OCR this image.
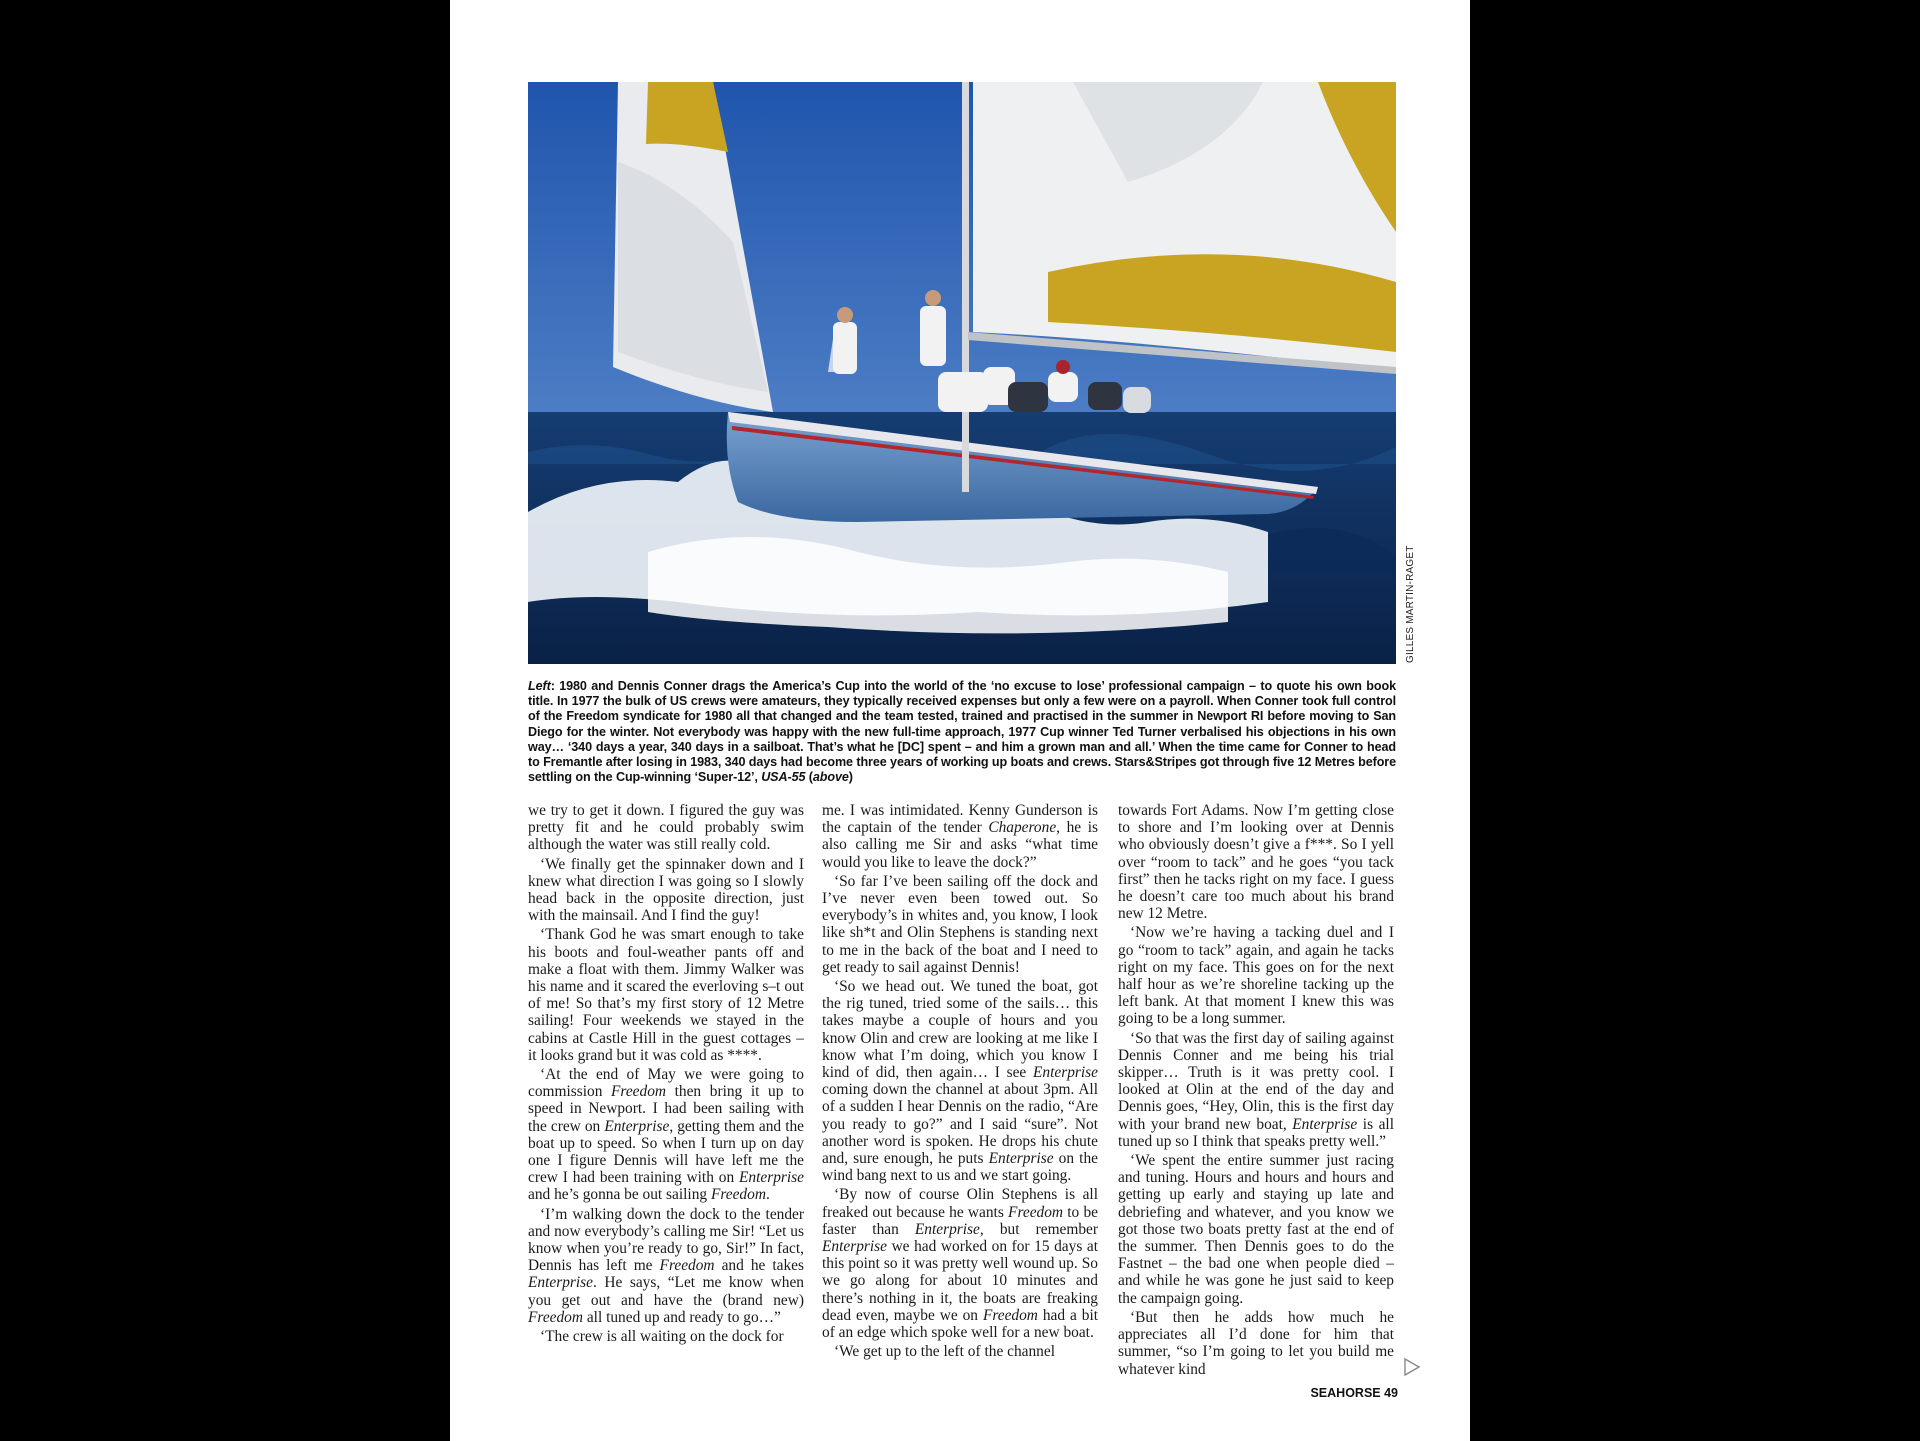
GILLES MARTIN-RAGET
Left: 1980 and Dennis Conner drags the America’s Cup into the world of the ‘no excuse to lose’ professional campaign – to quote his own book title. In 1977 the bulk of US crews were amateurs, they typically received expenses but only a few were on a payroll. When Conner took full control of the Freedom syndicate for 1980 all that changed and the team tested, trained and practised in the summer in Newport RI before moving to San Diego for the winter. Not everybody was happy with the new full-time approach, 1977 Cup winner Ted Turner verbalised his objections in his own way… ‘340 days a year, 340 days in a sailboat. That’s what he [DC] spent – and him a grown man and all.’ When the time came for Conner to head to Fremantle after losing in 1983, 340 days had become three years of working up boats and crews. Stars&Stripes got through five 12 Metres before settling on the Cup-winning ‘Super-12’, USA-55 (above)

we try to get it down. I figured the guy was pretty fit and he could probably swim although the water was still really cold.

‘We finally get the spinnaker down and I knew what direction I was going so I slowly head back in the opposite direction, just with the mainsail. And I find the guy!

‘Thank God he was smart enough to take his boots and foul-weather pants off and make a float with them. Jimmy Walker was his name and it scared the everloving s–t out of me! So that’s my first story of 12 Metre sailing! Four weekends we stayed in the cabins at Castle Hill in the guest cottages – it looks grand but it was cold as ****.

‘At the end of May we were going to commission Freedom then bring it up to speed in Newport. I had been sailing with the crew on Enterprise, getting them and the boat up to speed. So when I turn up on day one I figure Dennis will have left me the crew I had been training with on Enterprise and he’s gonna be out sailing Freedom.

‘I’m walking down the dock to the tender and now everybody’s calling me Sir! “Let us know when you’re ready to go, Sir!” In fact, Dennis has left me Freedom and he takes Enterprise. He says, “Let me know when you get out and have the (brand new) Freedom all tuned up and ready to go…”

‘The crew is all waiting on the dock for

me. I was intimidated. Kenny Gunderson is the captain of the tender Chaperone, he is also calling me Sir and asks “what time would you like to leave the dock?”

‘So far I’ve been sailing off the dock and I’ve never even been towed out. So everybody’s in whites and, you know, I look like sh*t and Olin Stephens is standing next to me in the back of the boat and I need to get ready to sail against Dennis!

‘So we head out. We tuned the boat, got the rig tuned, tried some of the sails… this takes maybe a couple of hours and you know Olin and crew are looking at me like I know what I’m doing, which you know I kind of did, then again… I see Enterprise coming down the channel at about 3pm. All of a sudden I hear Dennis on the radio, “Are you ready to go?” and I said “sure”. Not another word is spoken. He drops his chute and, sure enough, he puts Enterprise on the wind bang next to us and we start going.

‘By now of course Olin Stephens is all freaked out because he wants Freedom to be faster than Enterprise, but remember Enterprise we had worked on for 15 days at this point so it was pretty well wound up. So we go along for about 10 minutes and there’s nothing in it, the boats are freaking dead even, maybe we on Freedom had a bit of an edge which spoke well for a new boat.

‘We get up to the left of the channel

towards Fort Adams. Now I’m getting close to shore and I’m looking over at Dennis who obviously doesn’t give a f***. So I yell over “room to tack” and he goes “you tack first” then he tacks right on my face. I guess he doesn’t care too much about his brand new 12 Metre.

‘Now we’re having a tacking duel and I go “room to tack” again, and again he tacks right on my face. This goes on for the next half hour as we’re shoreline tacking up the left bank. At that moment I knew this was going to be a long summer.

‘So that was the first day of sailing against Dennis Conner and me being his trial skipper… Truth is it was pretty cool. I looked at Olin at the end of the day and Dennis goes, “Hey, Olin, this is the first day with your brand new boat, Enterprise is all tuned up so I think that speaks pretty well.”

‘We spent the entire summer just racing and tuning. Hours and hours and hours and getting up early and staying up late and debriefing and whatever, and you know we got those two boats pretty fast at the end of the summer. Then Dennis goes to do the Fastnet – the bad one when people died – and while he was gone he just said to keep the campaign going.

‘But then he adds how much he appreciates all I’d done for him that summer, “so I’m going to let you build me whatever kind

SEAHORSE 49
